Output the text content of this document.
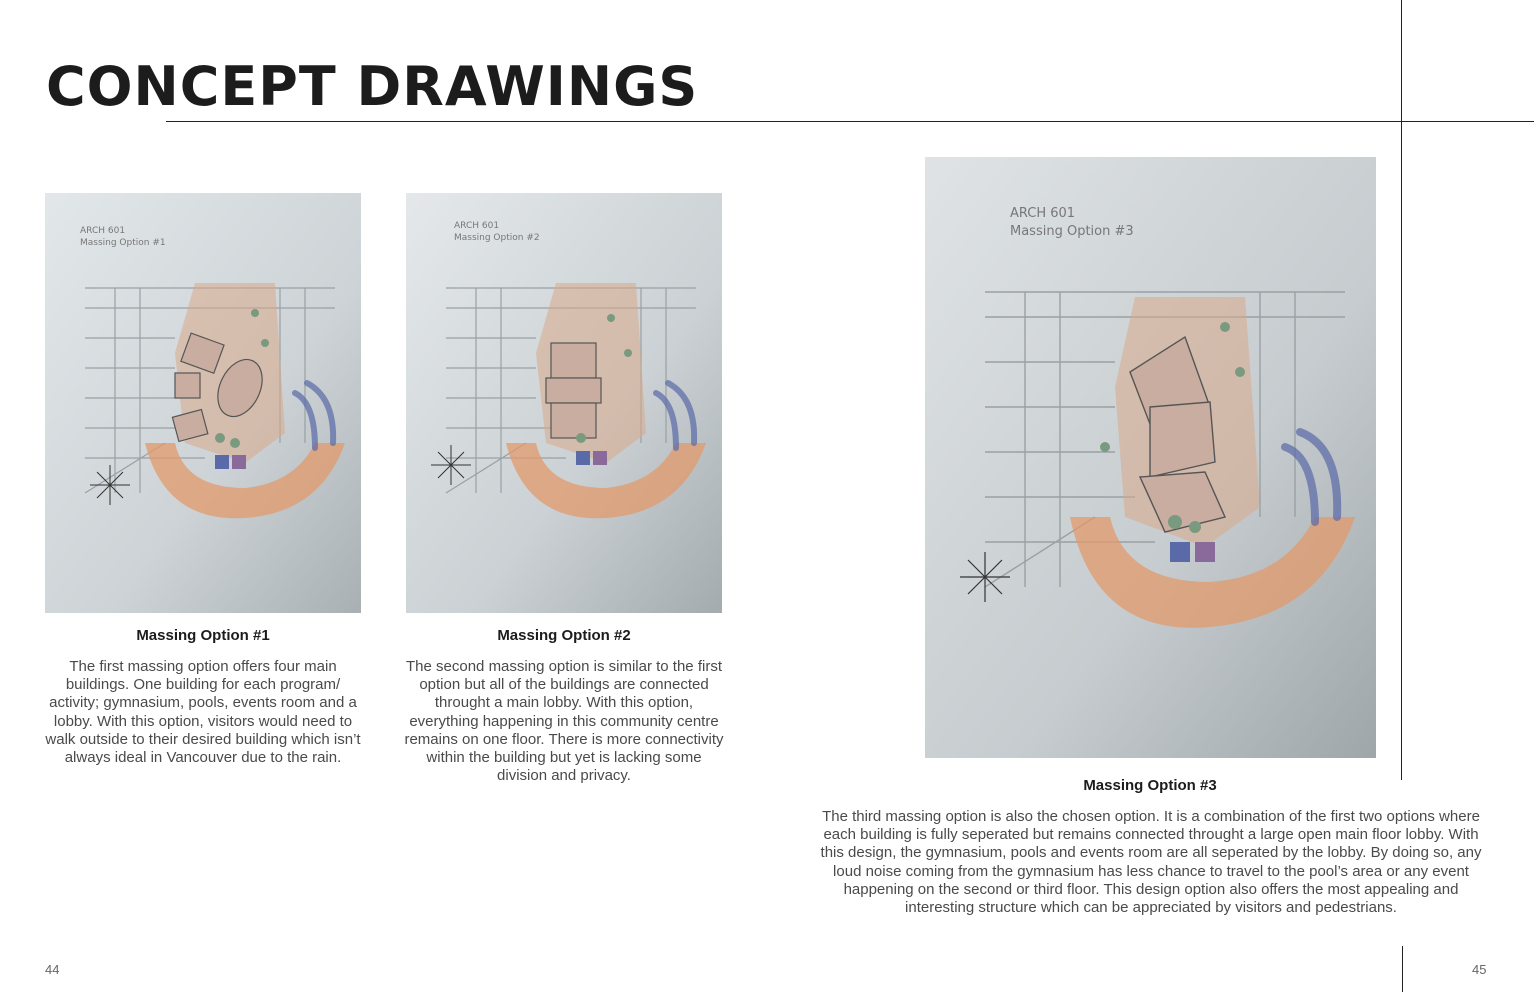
CONCEPT DRAWINGS
ARCH 601
Massing Option #1
ARCH 601
Massing Option #2
ARCH 601
Massing Option #3
Massing Option #1

The first massing option offers four main buildings. One building for each program/ activity; gymnasium, pools, events room and a lobby. With this option, visitors would need to walk outside to their desired building which isn’t always ideal in Vancouver due to the rain.

Massing Option #2

The second massing option is similar to the first option but all of the buildings are connected throught a main lobby. With this option, everything happening in this community centre remains on one floor. There is more connectivity within the building but yet is lacking some division and privacy.

Massing Option #3

The third massing option is also the chosen option. It is a combination of the first two options where each building is fully seperated but remains connected throught a large open main floor lobby. With this design, the gymnasium, pools and events room are all seperated by the lobby. By doing so, any loud noise coming from the gymnasium has less chance to travel to the pool’s area or any event happening on the second or third floor. This design option also offers the most appealing and interesting structure which can be appreciated by visitors and pedestrians.

44	45
